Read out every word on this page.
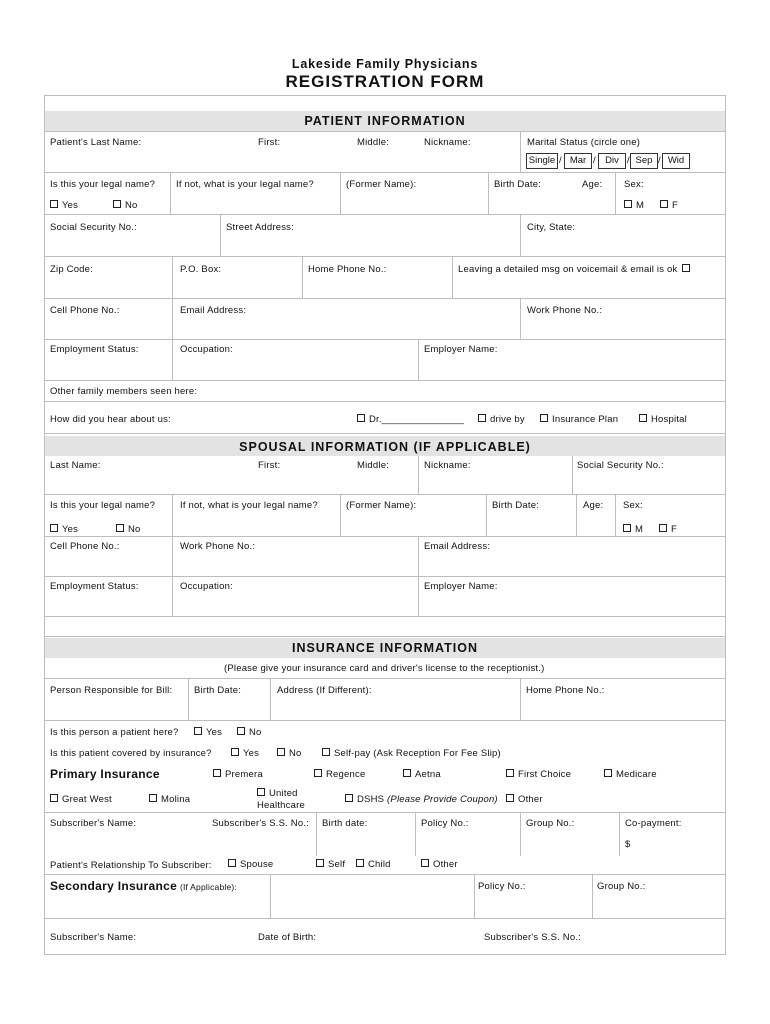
Lakeside Family Physicians
REGISTRATION FORM
PATIENT INFORMATION
Patient's Last Name:	First:	Middle:	Nickname:	Marital Status (circle one)
Single / Mar / Div / Sep / Wid
Is this your legal name? If not, what is your legal name?	(Former Name):	Birth Date:	Age: Sex:
Yes	No	M	F
Social Security No.:	Street Address:	City, State:
Zip Code:	P.O. Box:	Home Phone No.:	Leaving a detailed msg on voicemail & email is ok
Cell Phone No.:	Email Address:	Work Phone No.:
Employment Status:	Occupation:	Employer Name:
Other family members seen here:
How did you hear about us:	Dr._______________	drive by	Insurance Plan	Hospital
SPOUSAL INFORMATION (IF APPLICABLE)
Last Name:	First:	Middle:	Nickname:	Social Security No.:
Is this your legal name?	If not, what is your legal name?	(Former Name):	Birth Date:	Age: Sex:
Yes	No	M	F
Cell Phone No.:	Work Phone No.:	Email Address:
Employment Status:	Occupation:	Employer Name:
INSURANCE INFORMATION
(Please give your insurance card and driver's license to the receptionist.)
Person Responsible for Bill: Birth Date:	Address (If Different):	Home Phone No.:
Is this person a patient here?	Yes	No
Is this patient covered by insurance?	Yes	No	Self-pay (Ask Reception For Fee Slip)
Primary Insurance	Premera	Regence	Aetna	First Choice	Medicare
Great West	Molina
United
Healthcare
DSHS (Please Provide Coupon)	Other
Subscriber's Name:	Subscriber's S.S. No.: Birth date:	Policy No.:	Group No.:	Co-payment:
$
Patient's Relationship To Subscriber:	Spouse	Self	Child	Other
Secondary Insurance (If Applicable):	Policy No.:	Group No.:
Subscriber's Name:	Date of Birth:	Subscriber's S.S. No.:
